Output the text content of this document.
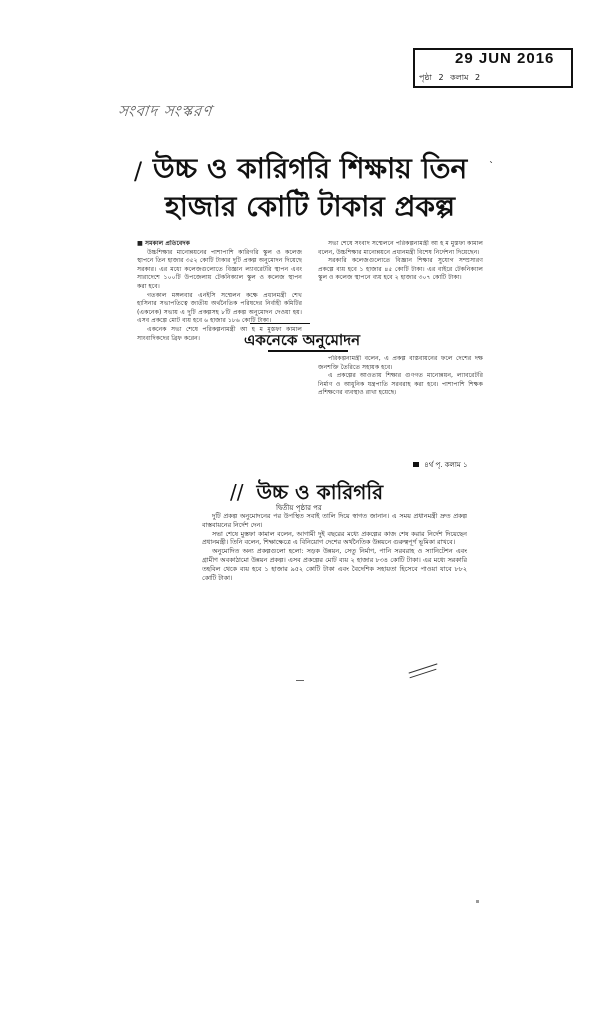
29 JUN 2016
পৃষ্ঠা 2 কলাম 2
সংবাদ সংস্করণ
/ উচ্চ ও কারিগরি শিক্ষায় তিন
হাজার কোটি টাকার প্রকল্প
ˋ

■ সমকাল প্রতিবেদক

উচ্চশিক্ষার মানোন্নয়নের পাশাপাশি কারিগরি স্কুল ও কলেজ স্থাপনে তিন হাজার ৩৫২ কোটি টাকার দুটি প্রকল্প অনুমোদন দিয়েছে সরকার। এর মধ্যে কলেজগুলোতে বিজ্ঞান ল্যাবরেটরি স্থাপন এবং সারাদেশে ১০০টি উপজেলায় টেকনিক্যাল স্কুল ও কলেজ স্থাপন করা হবে।

গতকাল মঙ্গলবার এনইসি সম্মেলন কক্ষে প্রধানমন্ত্রী শেখ হাসিনার সভাপতিত্বে জাতীয় অর্থনৈতিক পরিষদের নির্বাহী কমিটির (একনেক) সভায় এ দুটি প্রকল্পসহ ৮টি প্রকল্প অনুমোদন দেওয়া হয়। এসব প্রকল্পে মোট ব্যয় হবে ৬ হাজার ১৮৬ কোটি টাকা।

একনেক সভা শেষে পরিকল্পনামন্ত্রী আ হ ম মুস্তফা কামাল সাংবাদিকদের ব্রিফ করেন।

সভা শেষে সংবাদ সম্মেলনে পরিকল্পনামন্ত্রী আ হ ম মুস্তফা কামাল বলেন, উচ্চশিক্ষার মানোন্নয়নে প্রধানমন্ত্রী বিশেষ নির্দেশনা দিয়েছেন।

সরকারি কলেজগুলোতে বিজ্ঞান শিক্ষার সুযোগ সম্প্রসারণ প্রকল্পে ব্যয় হবে ১ হাজার ৪৫ কোটি টাকা। এর বাইরে টেকনিক্যাল স্কুল ও কলেজ স্থাপনে ব্যয় হবে ২ হাজার ৩০৭ কোটি টাকা।

একনেকে অনুমোদন

পরিকল্পনামন্ত্রী বলেন, এ প্রকল্প বাস্তবায়নের ফলে দেশের দক্ষ জনশক্তি তৈরিতে সহায়ক হবে।

এ প্রকল্পের আওতায় শিক্ষার গুণগত মানোন্নয়ন, ল্যাবরেটরি নির্মাণ ও আধুনিক যন্ত্রপাতি সরবরাহ করা হবে। পাশাপাশি শিক্ষক প্রশিক্ষণের ব্যবস্থাও রাখা হয়েছে।

৪র্থ পৃ. কলাম ১
// উচ্চ ও কারিগরি
দ্বিতীয় পৃষ্ঠার পর

দুটি প্রকল্প অনুমোদনের পর উপস্থিত সবাই তালি দিয়ে স্বাগত জানান। এ সময় প্রধানমন্ত্রী দ্রুত প্রকল্প বাস্তবায়নের নির্দেশ দেন।

সভা শেষে মুস্তফা কামাল বলেন, আগামী দুই বছরের মধ্যে প্রকল্পের কাজ শেষ করার নির্দেশ দিয়েছেন প্রধানমন্ত্রী। তিনি বলেন, শিক্ষাক্ষেত্রে এ বিনিয়োগ দেশের অর্থনৈতিক উন্নয়নে গুরুত্বপূর্ণ ভূমিকা রাখবে।

অনুমোদিত অন্য প্রকল্পগুলো হলো: সড়ক উন্নয়ন, সেতু নির্মাণ, পানি সরবরাহ ও স্যানিটেশন এবং গ্রামীণ অবকাঠামো উন্নয়ন প্রকল্প। এসব প্রকল্পের মোট ব্যয় ২ হাজার ৮৩৪ কোটি টাকা। এর মধ্যে সরকারি তহবিল থেকে ব্যয় হবে ১ হাজার ৯৫২ কোটি টাকা এবং বৈদেশিক সহায়তা হিসেবে পাওয়া যাবে ৮৮২ কোটি টাকা।
